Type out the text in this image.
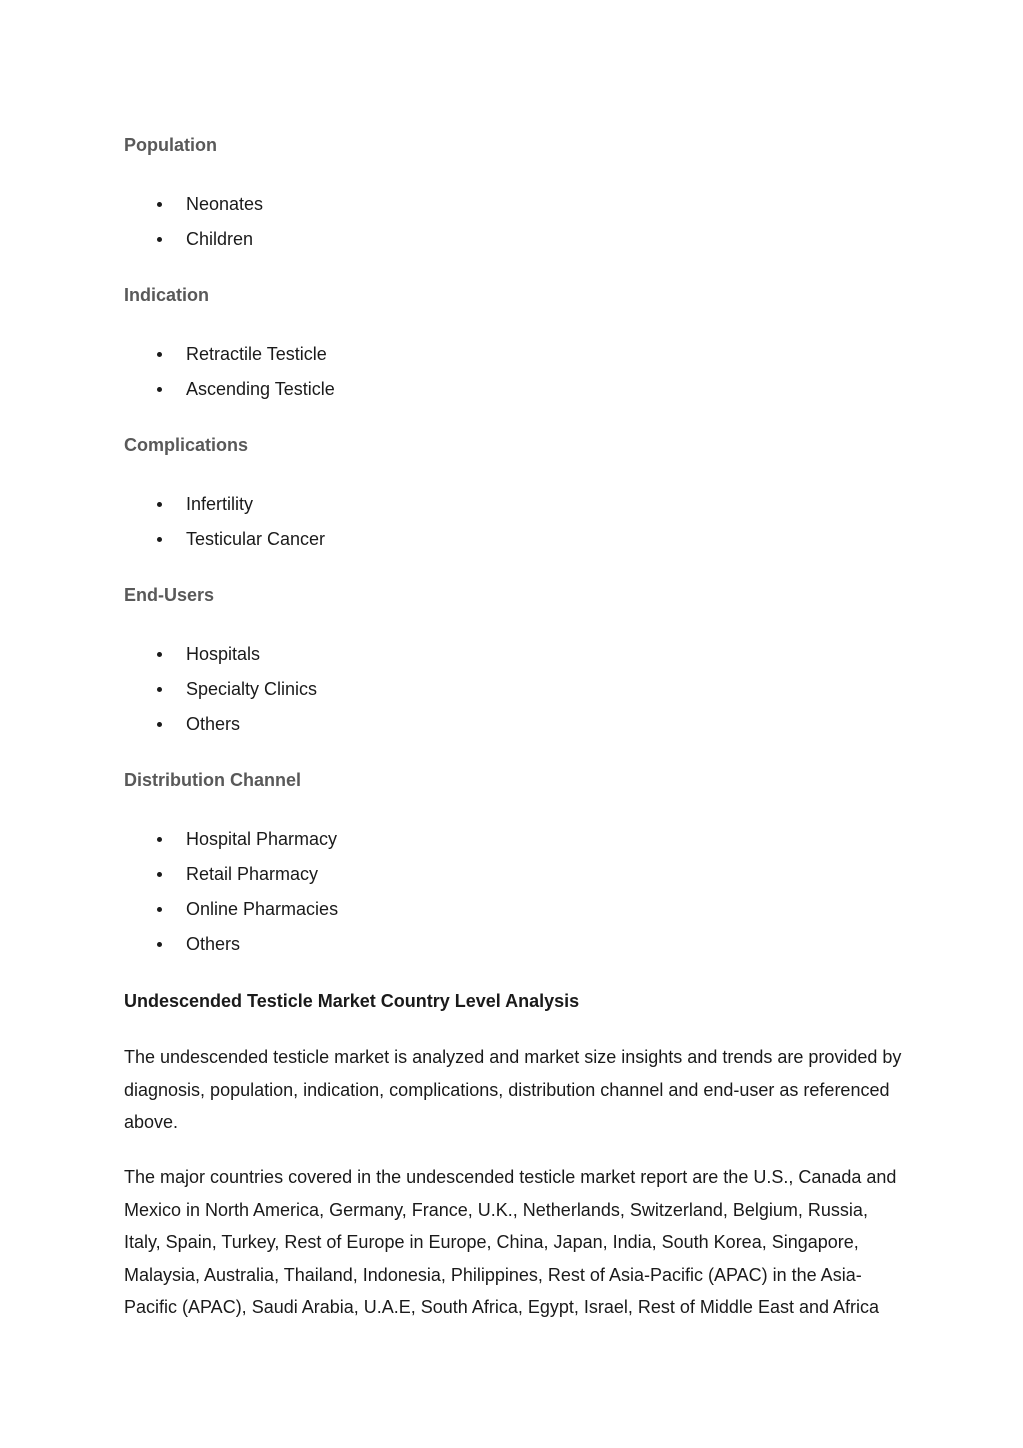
Population
Neonates
Children
Indication
Retractile Testicle
Ascending Testicle
Complications
Infertility
Testicular Cancer
End-Users
Hospitals
Specialty Clinics
Others
Distribution Channel
Hospital Pharmacy
Retail Pharmacy
Online Pharmacies
Others
Undescended Testicle Market Country Level Analysis

The undescended testicle market is analyzed and market size insights and trends are provided by diagnosis, population, indication, complications, distribution channel and end-user as referenced above.

The major countries covered in the undescended testicle market report are the U.S., Canada and Mexico in North America, Germany, France, U.K., Netherlands, Switzerland, Belgium, Russia, Italy, Spain, Turkey, Rest of Europe in Europe, China, Japan, India, South Korea, Singapore, Malaysia, Australia, Thailand, Indonesia, Philippines, Rest of Asia-Pacific (APAC) in the Asia-Pacific (APAC), Saudi Arabia, U.A.E, South Africa, Egypt, Israel, Rest of Middle East and Africa
